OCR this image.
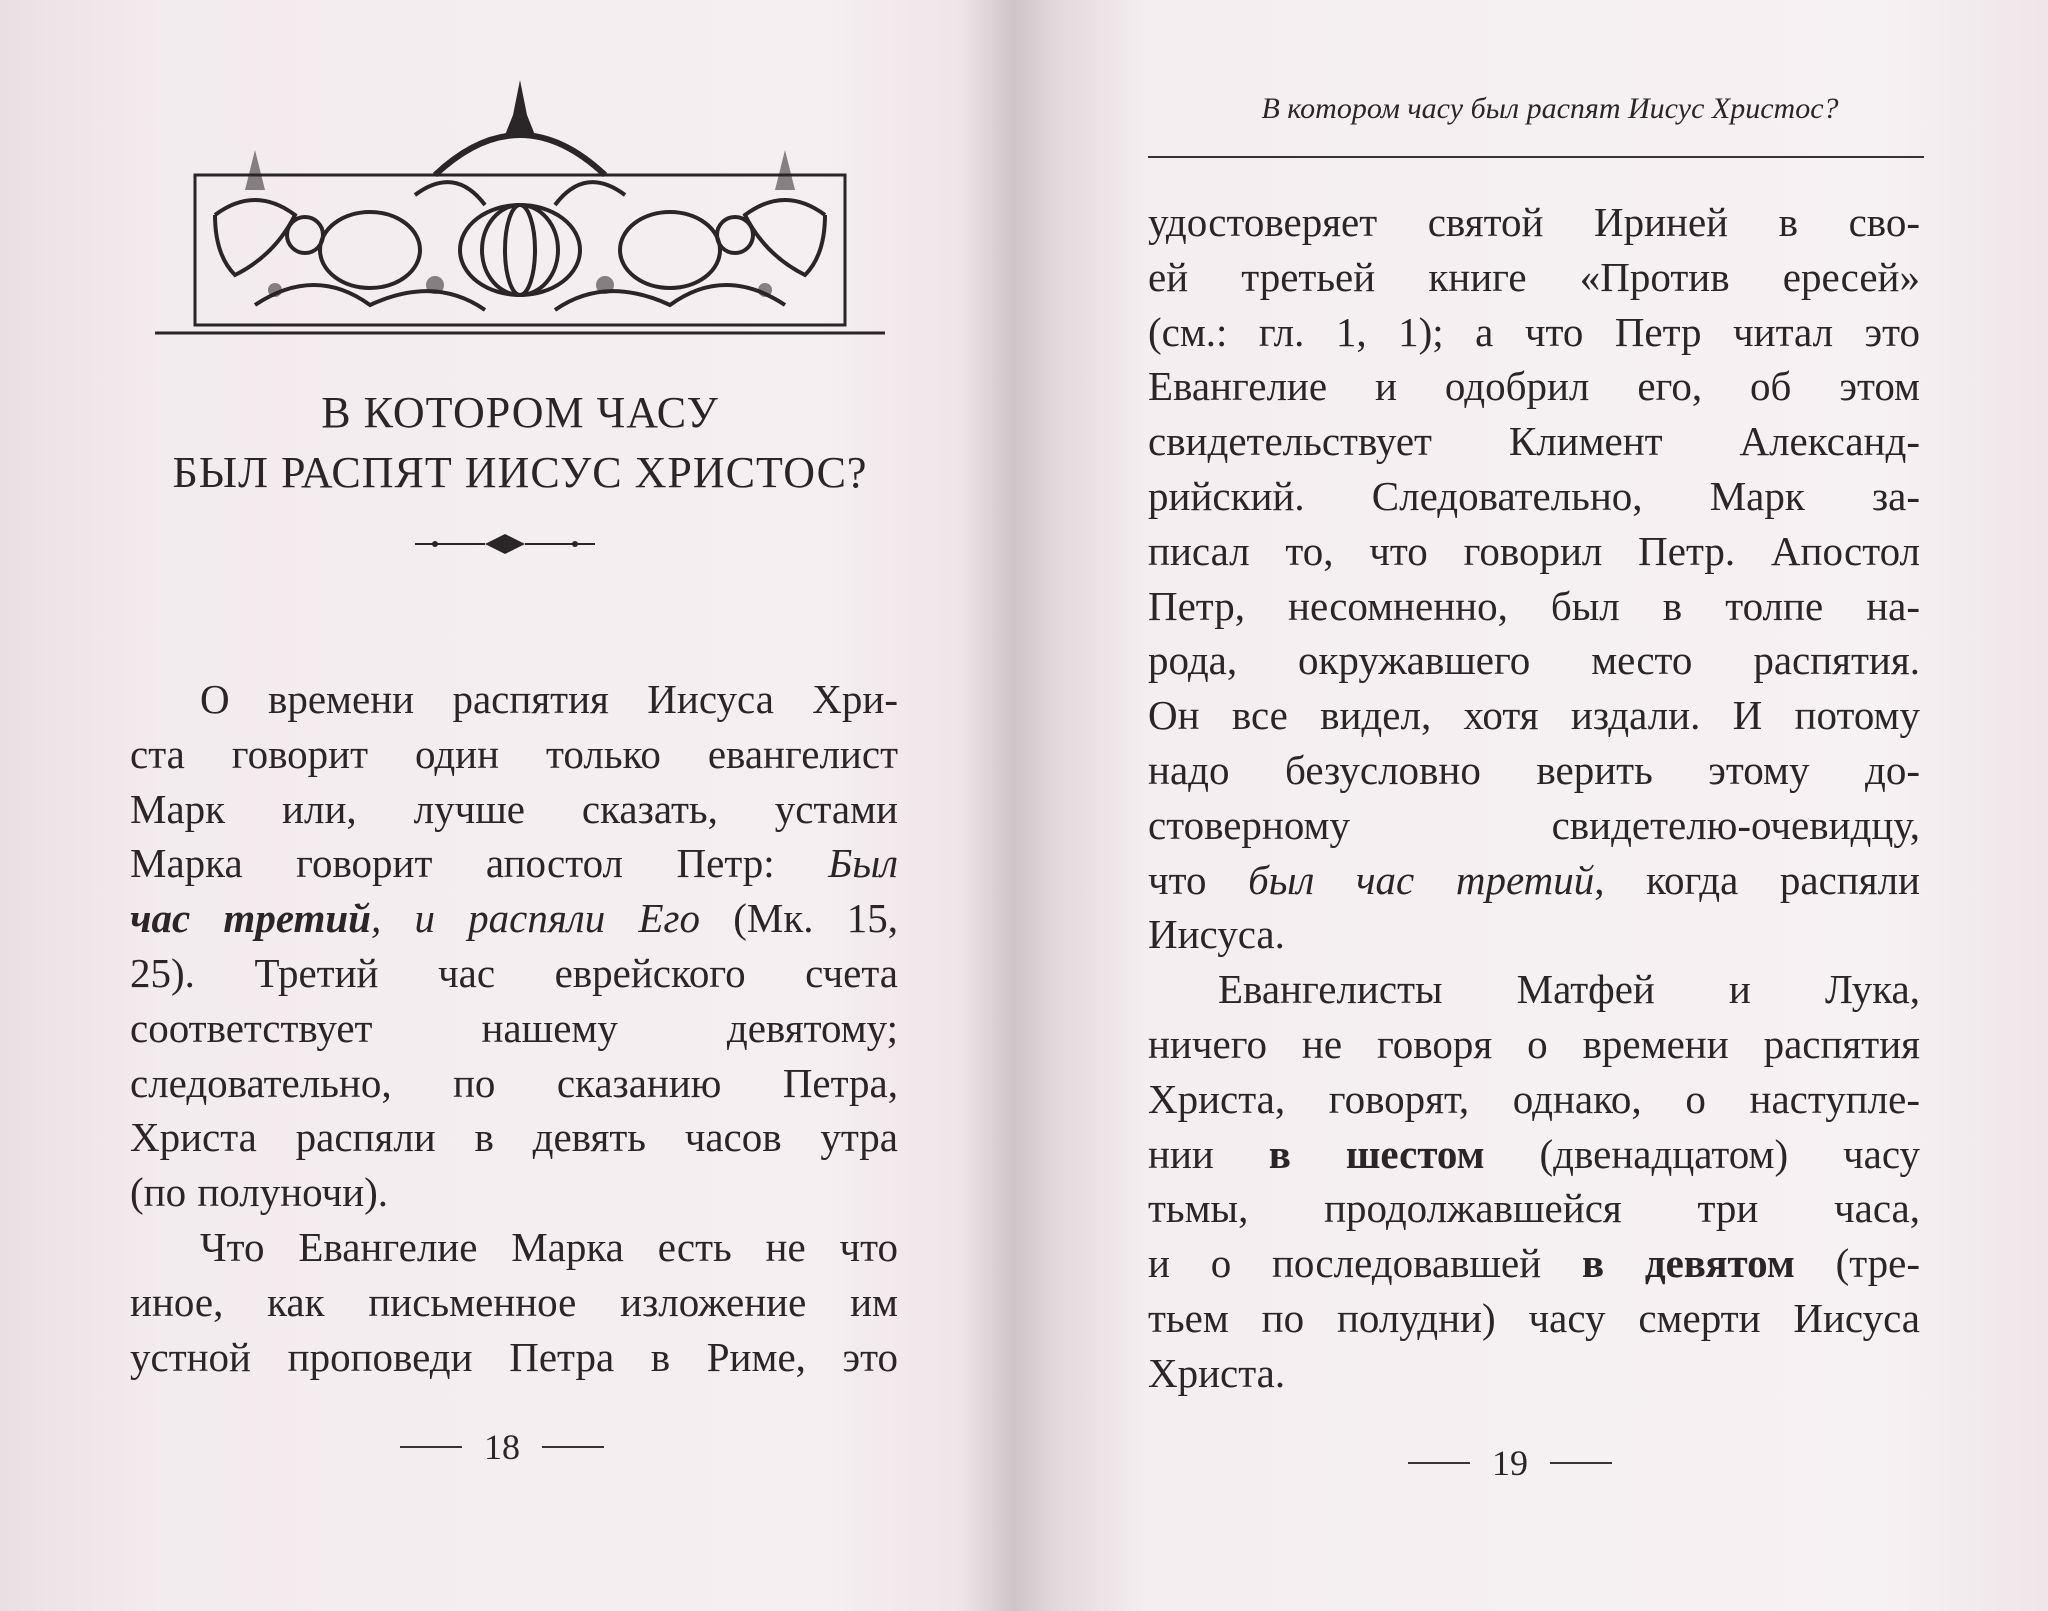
В КОТОРОМ ЧАСУ
БЫЛ РАСПЯТ ИИСУС ХРИСТОС?
О времени распятия Иисуса Хри-
ста говорит один только евангелист
Марк или, лучше сказать, устами
Марка говорит апостол Петр: Был
час третий, и распяли Его (Мк. 15,
25). Третий час еврейского счета
соответствует нашему девятому;
следовательно, по сказанию Петра,
Христа распяли в девять часов утра
(по полуночи).
Что Евангелие Марка есть не что
иное, как письменное изложение им
устной проповеди Петра в Риме, это
18
В котором часу был распят Иисус Христос?
удостоверяет святой Ириней в сво-
ей третьей книге «Против ересей»
(см.: гл. 1, 1); а что Петр читал это
Евангелие и одобрил его, об этом
свидетельствует Климент Александ-
рийский. Следовательно, Марк за-
писал то, что говорил Петр. Апостол
Петр, несомненно, был в толпе на-
рода, окружавшего место распятия.
Он все видел, хотя издали. И потому
надо безусловно верить этому до-
стоверному свидетелю-очевидцу,
что был час третий, когда распяли
Иисуса.
Евангелисты Матфей и Лука,
ничего не говоря о времени распятия
Христа, говорят, однако, о наступле-
нии в шестом (двенадцатом) часу
тьмы, продолжавшейся три часа,
и о последовавшей в девятом (тре-
тьем по полудни) часу смерти Иисуса
Христа.
19
